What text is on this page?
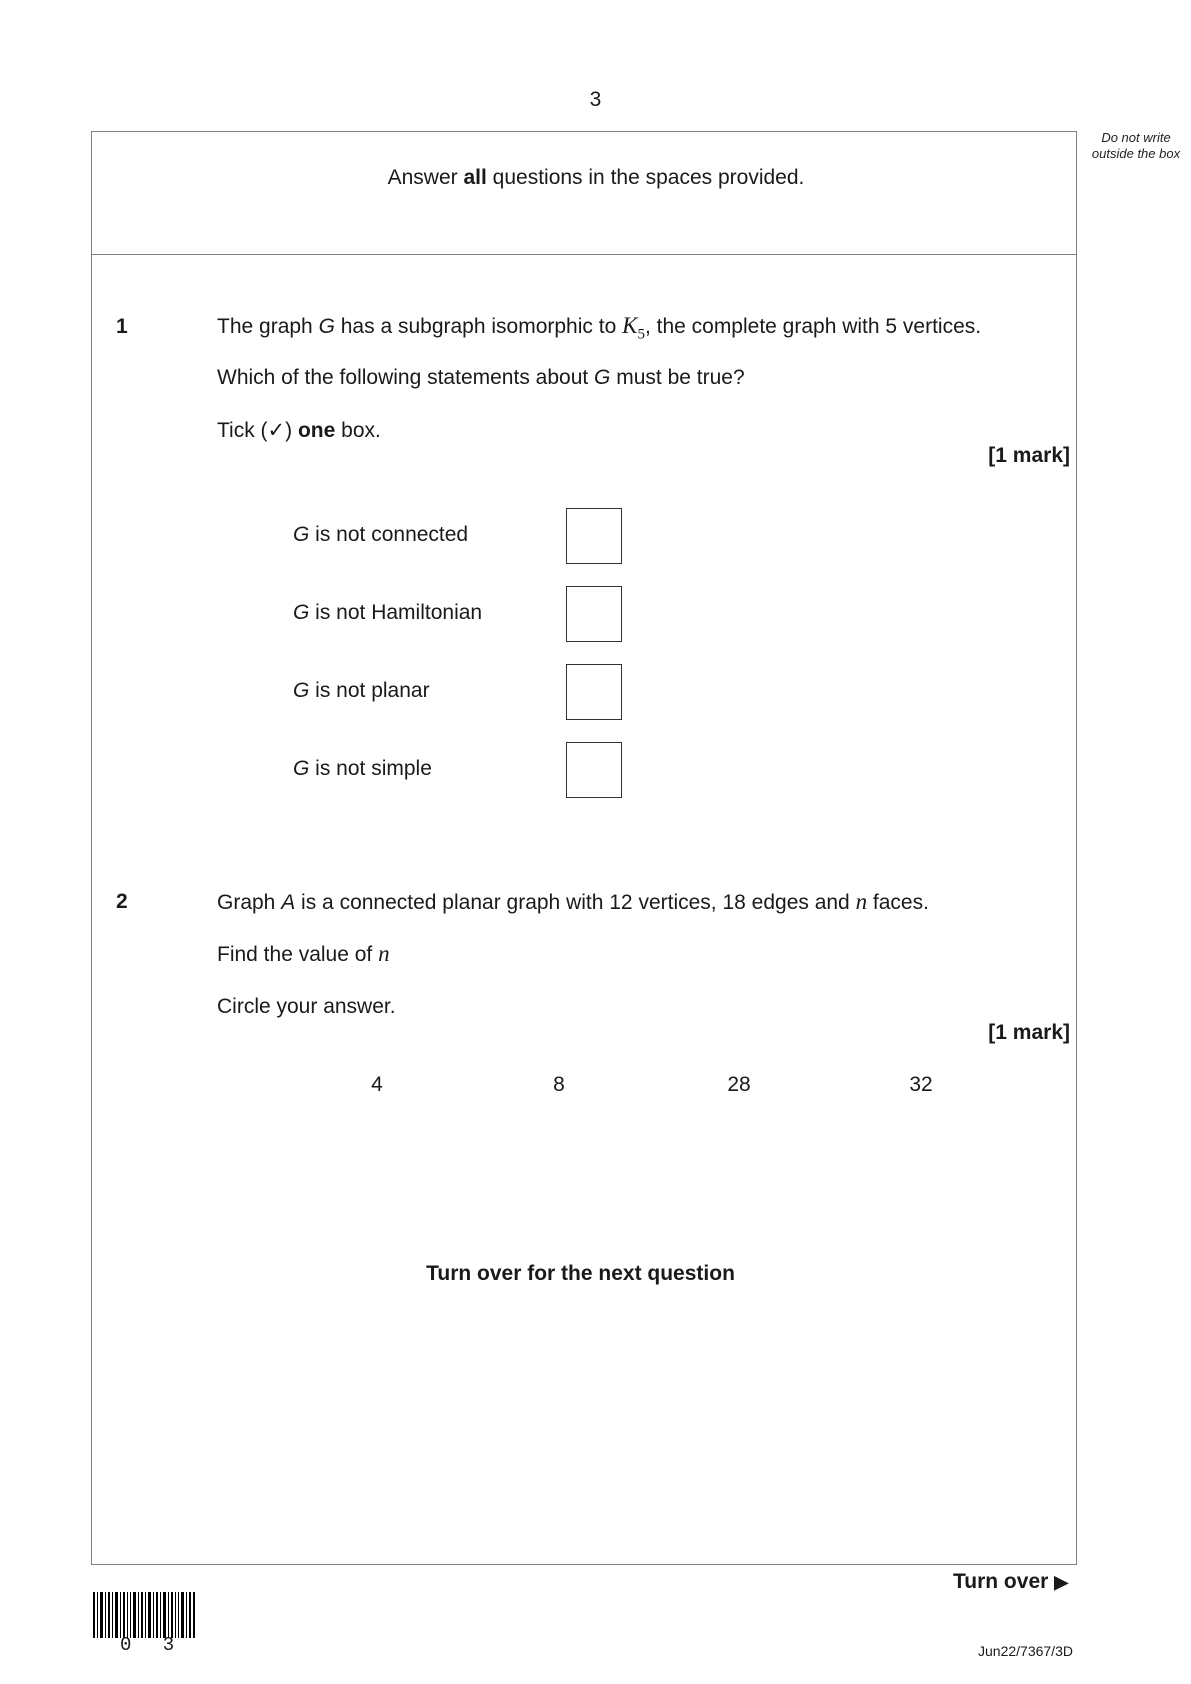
3
Do not write outside the box
Answer all questions in the spaces provided.
1	The graph G has a subgraph isomorphic to $K_5$, the complete graph with 5 vertices.
Which of the following statements about G must be true?
Tick (✓) one box.
[1 mark]
G is not connected
G is not Hamiltonian
G is not planar
G is not simple
2	Graph A is a connected planar graph with 12 vertices, 18 edges and n faces.
Find the value of n
Circle your answer.
[1 mark]
4	8	28	32
Turn over for the next question
Turn over ▶
0 3	Jun22/7367/3D
